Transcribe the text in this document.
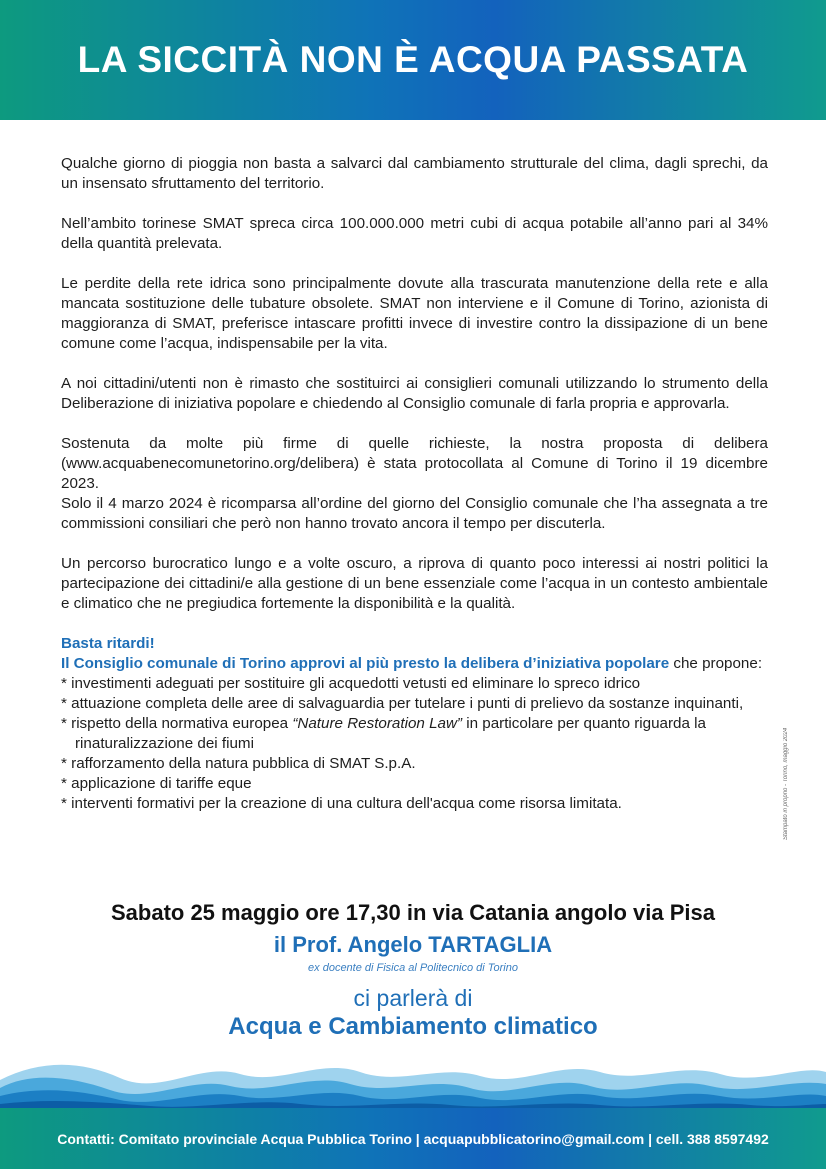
LA SICCITÀ NON È ACQUA PASSATA

Qualche giorno di pioggia non basta a salvarci dal cambiamento strutturale del clima, dagli sprechi, da un insensato sfruttamento del territorio.

Nell’ambito torinese SMAT spreca circa 100.000.000 metri cubi di acqua potabile all’anno pari al 34% della quantità prelevata.

Le perdite della rete idrica sono principalmente dovute alla trascurata manutenzione della rete e alla mancata sostituzione delle tubature obsolete. SMAT non interviene e il Comune di Torino, azionista di maggioranza di SMAT, preferisce intascare profitti invece di investire contro la dissipazione di un bene comune come l’acqua, indispensabile per la vita.

A noi cittadini/utenti non è rimasto che sostituirci ai consiglieri comunali utilizzando lo strumento della Deliberazione di iniziativa popolare e chiedendo al Consiglio comunale di farla propria e approvarla.

Sostenuta da molte più firme di quelle richieste, la nostra proposta di delibera (www.acquabenecomunetorino.org/delibera) è stata protocollata al Comune di Torino il 19 dicembre 2023.

Solo il 4 marzo 2024 è ricomparsa all’ordine del giorno del Consiglio comunale che l’ha assegnata a tre commissioni consiliari che però non hanno trovato ancora il tempo per discuterla.

Un percorso burocratico lungo e a volte oscuro, a riprova di quanto poco interessi ai nostri politici la partecipazione dei cittadini/e alla gestione di un bene essenziale come l’acqua in un contesto ambientale e climatico che ne pregiudica fortemente la disponibilità e la qualità.

Basta ritardi!
Il Consiglio comunale di Torino approvi al più presto la delibera d’iniziativa popolare che propone:
* investimenti adeguati per sostituire gli acquedotti vetusti ed eliminare lo spreco idrico
* attuazione completa delle aree di salvaguardia per tutelare i punti di prelievo da sostanze inquinanti,
* rispetto della normativa europea “Nature Restoration Law” in particolare per quanto riguarda la
rinaturalizzazione dei fiumi
* rafforzamento della natura pubblica di SMAT S.p.A.
* applicazione di tariffe eque
* interventi formativi per la creazione di una cultura dell'acqua come risorsa limitata.	Stampato in proprio - Torino, maggio 2024
Sabato 25 maggio ore 17,30 in via Catania angolo via Pisa
il Prof. Angelo TARTAGLIA
ex docente di Fisica al Politecnico di Torino
ci parlerà di
Acqua e Cambiamento climatico
Contatti: Comitato provinciale Acqua Pubblica Torino | acquapubblicatorino@gmail.com | cell. 388 8597492
